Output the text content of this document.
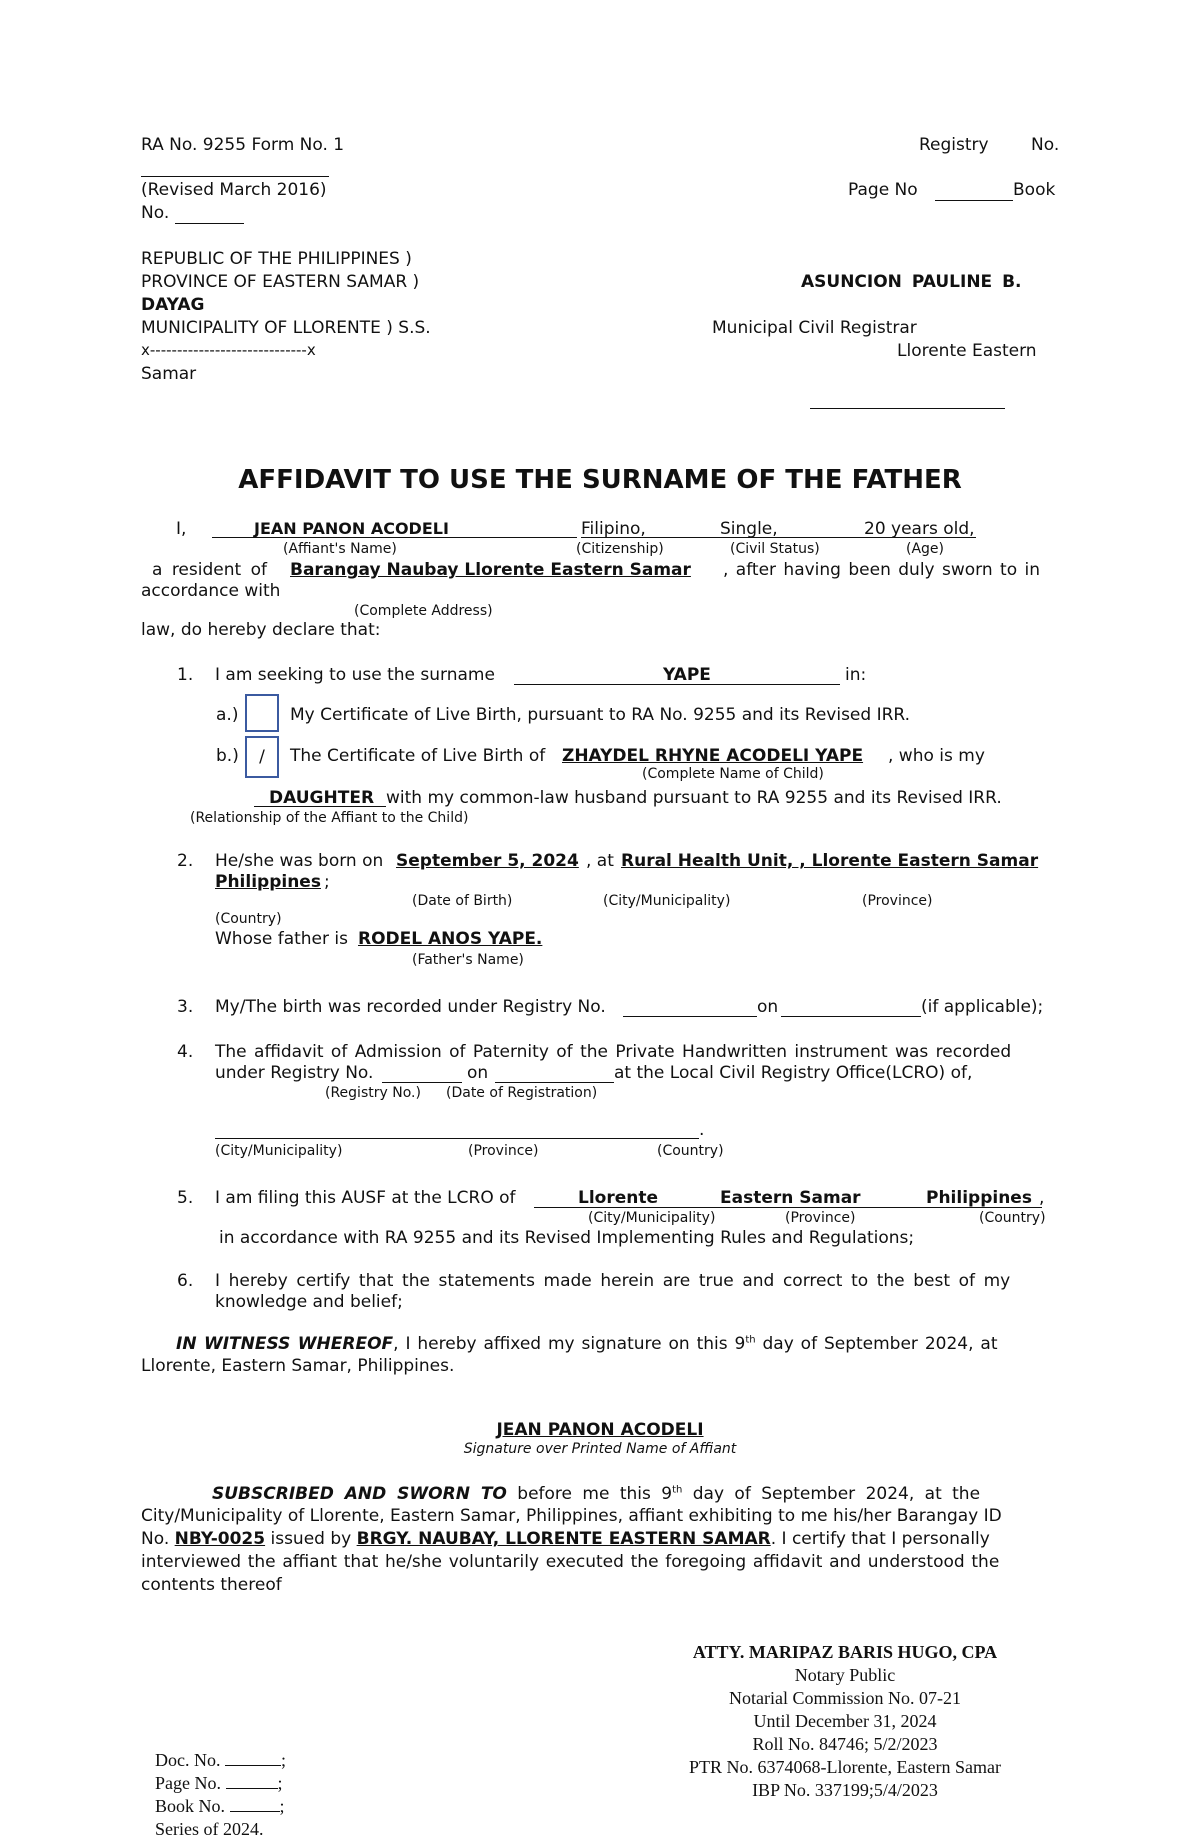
RA No. 9255 Form No. 1	Registry No.
(Revised March 2016)	Page No	Book
No.
REPUBLIC OF THE PHILIPPINES )
PROVINCE OF EASTERN SAMAR )	ASUNCION PAULINE B.
DAYAG
MUNICIPALITY OF LLORENTE ) S.S.	Municipal Civil Registrar
x-----------------------------x	Llorente Eastern
Samar
AFFIDAVIT TO USE THE SURNAME OF THE FATHER
I,	JEAN PANON ACODELI	Filipino,	Single,	20 years old,
(Affiant's Name)	(Citizenship)	(Civil Status)	(Age)
a resident of Barangay Naubay Llorente Eastern Samar , after having been duly sworn to in
accordance with
(Complete Address)
law, do hereby declare that:
1. I am seeking to use the surname	YAPE	in:
a.)	My Certificate of Live Birth, pursuant to RA No. 9255 and its Revised IRR.
b.)	/	The Certificate of Live Birth of ZHAYDEL RHYNE ACODELI YAPE , who is my
(Complete Name of Child)
DAUGHTER with my common-law husband pursuant to RA 9255 and its Revised IRR.
(Relationship of the Affiant to the Child)
2. He/she was born on September 5, 2024 , at Rural Health Unit, , Llorente Eastern Samar
Philippines ;
(Date of Birth)	(City/Municipality)	(Province)
(Country)
Whose father is RODEL ANOS YAPE.
(Father's Name)
3. My/The birth was recorded under Registry No.	on	(if applicable);
4. The affidavit of Admission of Paternity of the Private Handwritten instrument was recorded
under Registry No.	on	at the Local Civil Registry Office(LCRO) of,
(Registry No.) (Date of Registration)
.
(City/Municipality)	(Province)	(Country)
5. I am filing this AUSF at the LCRO of	Llorente	Eastern Samar	Philippines ,
(City/Municipality)	(Province)	(Country)
in accordance with RA 9255 and its Revised Implementing Rules and Regulations;
6. I hereby certify that the statements made herein are true and correct to the best of my
knowledge and belief;
IN WITNESS WHEREOF, I hereby affixed my signature on this 9th day of September 2024, at
Llorente, Eastern Samar, Philippines.
JEAN PANON ACODELI
Signature over Printed Name of Affiant
SUBSCRIBED AND SWORN TO before me this 9th day of September 2024, at the
City/Municipality of Llorente, Eastern Samar, Philippines, affiant exhibiting to me his/her Barangay ID
No. NBY-0025 issued by BRGY. NAUBAY, LLORENTE EASTERN SAMAR. I certify that I personally
interviewed the affiant that he/she voluntarily executed the foregoing affidavit and understood the
contents thereof
ATTY. MARIPAZ BARIS HUGO, CPA
Notary Public
Notarial Commission No. 07-21
Until December 31, 2024
Roll No. 84746; 5/2/2023
PTR No. 6374068-Llorente, Eastern Samar
IBP No. 337199;5/4/2023
Doc. No.	;
Page No.	;
Book No.	;
Series of 2024.
